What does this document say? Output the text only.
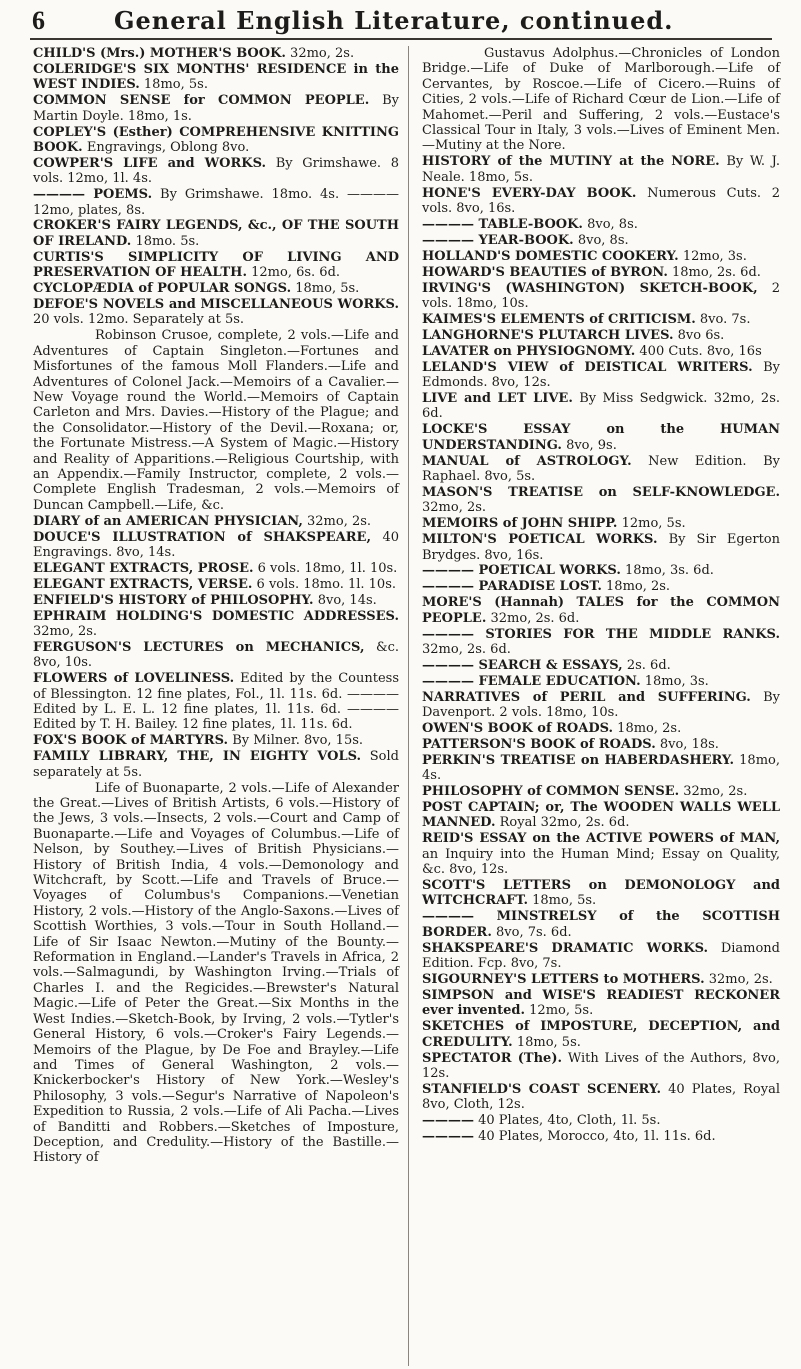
6	General English Literature, continued.
CHILD'S (Mrs.) MOTHER'S BOOK. 32mo, 2s.
COLERIDGE'S SIX MONTHS' RESIDENCE in the WEST INDIES. 18mo, 5s.
COMMON SENSE for COMMON PEOPLE. By Martin Doyle. 18mo, 1s.
COPLEY'S (Esther) COMPREHENSIVE KNITTING BOOK. Engravings, Oblong 8vo.
COWPER'S LIFE and WORKS. By Grimshawe. 8 vols. 12mo, 1l. 4s.
———— POEMS. By Grimshawe. 18mo. 4s. ———— 12mo, plates, 8s.
CROKER'S FAIRY LEGENDS, &c., OF THE SOUTH OF IRELAND. 18mo. 5s.
CURTIS'S SIMPLICITY OF LIVING AND PRESERVATION OF HEALTH. 12mo, 6s. 6d.
CYCLOPÆDIA of POPULAR SONGS. 18mo, 5s.
DEFOE'S NOVELS and MISCELLANEOUS WORKS. 20 vols. 12mo. Separately at 5s.
Robinson Crusoe, complete, 2 vols.—Life and Adventures of Captain Singleton.—Fortunes and Misfortunes of the famous Moll Flanders.—Life and Adventures of Colonel Jack.—Memoirs of a Cavalier.—New Voyage round the World.—Memoirs of Captain Carleton and Mrs. Davies.—History of the Plague; and the Consolidator.—History of the Devil.—Roxana; or, the Fortunate Mistress.—A System of Magic.—History and Reality of Apparitions.—Religious Courtship, with an Appendix.—Family Instructor, complete, 2 vols.—Complete English Tradesman, 2 vols.—Memoirs of Duncan Campbell.—Life, &c.
DIARY of an AMERICAN PHYSICIAN, 32mo, 2s.
DOUCE'S ILLUSTRATION of SHAKSPEARE, 40 Engravings. 8vo, 14s.
ELEGANT EXTRACTS, PROSE. 6 vols. 18mo, 1l. 10s.
ELEGANT EXTRACTS, VERSE. 6 vols. 18mo. 1l. 10s.
ENFIELD'S HISTORY of PHILOSOPHY. 8vo, 14s.
EPHRAIM HOLDING'S DOMESTIC ADDRESSES. 32mo, 2s.
FERGUSON'S LECTURES on MECHANICS, &c. 8vo, 10s.
FLOWERS of LOVELINESS. Edited by the Countess of Blessington. 12 fine plates, Fol., 1l. 11s. 6d. ———— Edited by L. E. L. 12 fine plates, 1l. 11s. 6d. ———— Edited by T. H. Bailey. 12 fine plates, 1l. 11s. 6d.
FOX'S BOOK of MARTYRS. By Milner. 8vo, 15s.
FAMILY LIBRARY, THE, IN EIGHTY VOLS. Sold separately at 5s.
Life of Buonaparte, 2 vols.—Life of Alexander the Great.—Lives of British Artists, 6 vols.—History of the Jews, 3 vols.—Insects, 2 vols.—Court and Camp of Buonaparte.—Life and Voyages of Columbus.—Life of Nelson, by Southey.—Lives of British Physicians.—History of British India, 4 vols.—Demonology and Witchcraft, by Scott.—Life and Travels of Bruce.—Voyages of Columbus's Companions.—Venetian History, 2 vols.—History of the Anglo-Saxons.—Lives of Scottish Worthies, 3 vols.—Tour in South Holland.—Life of Sir Isaac Newton.—Mutiny of the Bounty.—Reformation in England.—Lander's Travels in Africa, 2 vols.—Salmagundi, by Washington Irving.—Trials of Charles I. and the Regicides.—Brewster's Natural Magic.—Life of Peter the Great.—Six Months in the West Indies.—Sketch-Book, by Irving, 2 vols.—Tytler's General History, 6 vols.—Croker's Fairy Legends.—Memoirs of the Plague, by De Foe and Brayley.—Life and Times of General Washington, 2 vols.—Knickerbocker's History of New York.—Wesley's Philosophy, 3 vols.—Segur's Narrative of Napoleon's Expedition to Russia, 2 vols.—Life of Ali Pacha.—Lives of Banditti and Robbers.—Sketches of Imposture, Deception, and Credulity.—History of the Bastille.—History of
Gustavus Adolphus.—Chronicles of London Bridge.—Life of Duke of Marlborough.—Life of Cervantes, by Roscoe.—Life of Cicero.—Ruins of Cities, 2 vols.—Life of Richard Cœur de Lion.—Life of Mahomet.—Peril and Suffering, 2 vols.—Eustace's Classical Tour in Italy, 3 vols.—Lives of Eminent Men.—Mutiny at the Nore.
HISTORY of the MUTINY at the NORE. By W. J. Neale. 18mo, 5s.
HONE'S EVERY-DAY BOOK. Numerous Cuts. 2 vols. 8vo, 16s.
———— TABLE-BOOK. 8vo, 8s.
———— YEAR-BOOK. 8vo, 8s.
HOLLAND'S DOMESTIC COOKERY. 12mo, 3s.
HOWARD'S BEAUTIES of BYRON. 18mo, 2s. 6d.
IRVING'S (WASHINGTON) SKETCH-BOOK, 2 vols. 18mo, 10s.
KAIMES'S ELEMENTS of CRITICISM. 8vo. 7s.
LANGHORNE'S PLUTARCH LIVES. 8vo 6s.
LAVATER on PHYSIOGNOMY. 400 Cuts. 8vo, 16s
LELAND'S VIEW of DEISTICAL WRITERS. By Edmonds. 8vo, 12s.
LIVE and LET LIVE. By Miss Sedgwick. 32mo, 2s. 6d.
LOCKE'S ESSAY on the HUMAN UNDERSTANDING. 8vo, 9s.
MANUAL of ASTROLOGY. New Edition. By Raphael. 8vo, 5s.
MASON'S TREATISE on SELF-KNOWLEDGE. 32mo, 2s.
MEMOIRS of JOHN SHIPP. 12mo, 5s.
MILTON'S POETICAL WORKS. By Sir Egerton Brydges. 8vo, 16s.
———— POETICAL WORKS. 18mo, 3s. 6d.
———— PARADISE LOST. 18mo, 2s.
MORE'S (Hannah) TALES for the COMMON PEOPLE. 32mo, 2s. 6d.
———— STORIES FOR THE MIDDLE RANKS. 32mo, 2s. 6d.
———— SEARCH & ESSAYS, 2s. 6d.
———— FEMALE EDUCATION. 18mo, 3s.
NARRATIVES of PERIL and SUFFERING. By Davenport. 2 vols. 18mo, 10s.
OWEN'S BOOK of ROADS. 18mo, 2s.
PATTERSON'S BOOK of ROADS. 8vo, 18s.
PERKIN'S TREATISE on HABERDASHERY. 18mo, 4s.
PHILOSOPHY of COMMON SENSE. 32mo, 2s.
POST CAPTAIN; or, The WOODEN WALLS WELL MANNED. Royal 32mo, 2s. 6d.
REID'S ESSAY on the ACTIVE POWERS of MAN, an Inquiry into the Human Mind; Essay on Quality, &c. 8vo, 12s.
SCOTT'S LETTERS on DEMONOLOGY and WITCHCRAFT. 18mo, 5s.
———— MINSTRELSY of the SCOTTISH BORDER. 8vo, 7s. 6d.
SHAKSPEARE'S DRAMATIC WORKS. Diamond Edition. Fcp. 8vo, 7s.
SIGOURNEY'S LETTERS to MOTHERS. 32mo, 2s.
SIMPSON and WISE'S READIEST RECKONER ever invented. 12mo, 5s.
SKETCHES of IMPOSTURE, DECEPTION, and CREDULITY. 18mo, 5s.
SPECTATOR (The). With Lives of the Authors, 8vo, 12s.
STANFIELD'S COAST SCENERY. 40 Plates, Royal 8vo, Cloth, 12s.
———— 40 Plates, 4to, Cloth, 1l. 5s.
———— 40 Plates, Morocco, 4to, 1l. 11s. 6d.
